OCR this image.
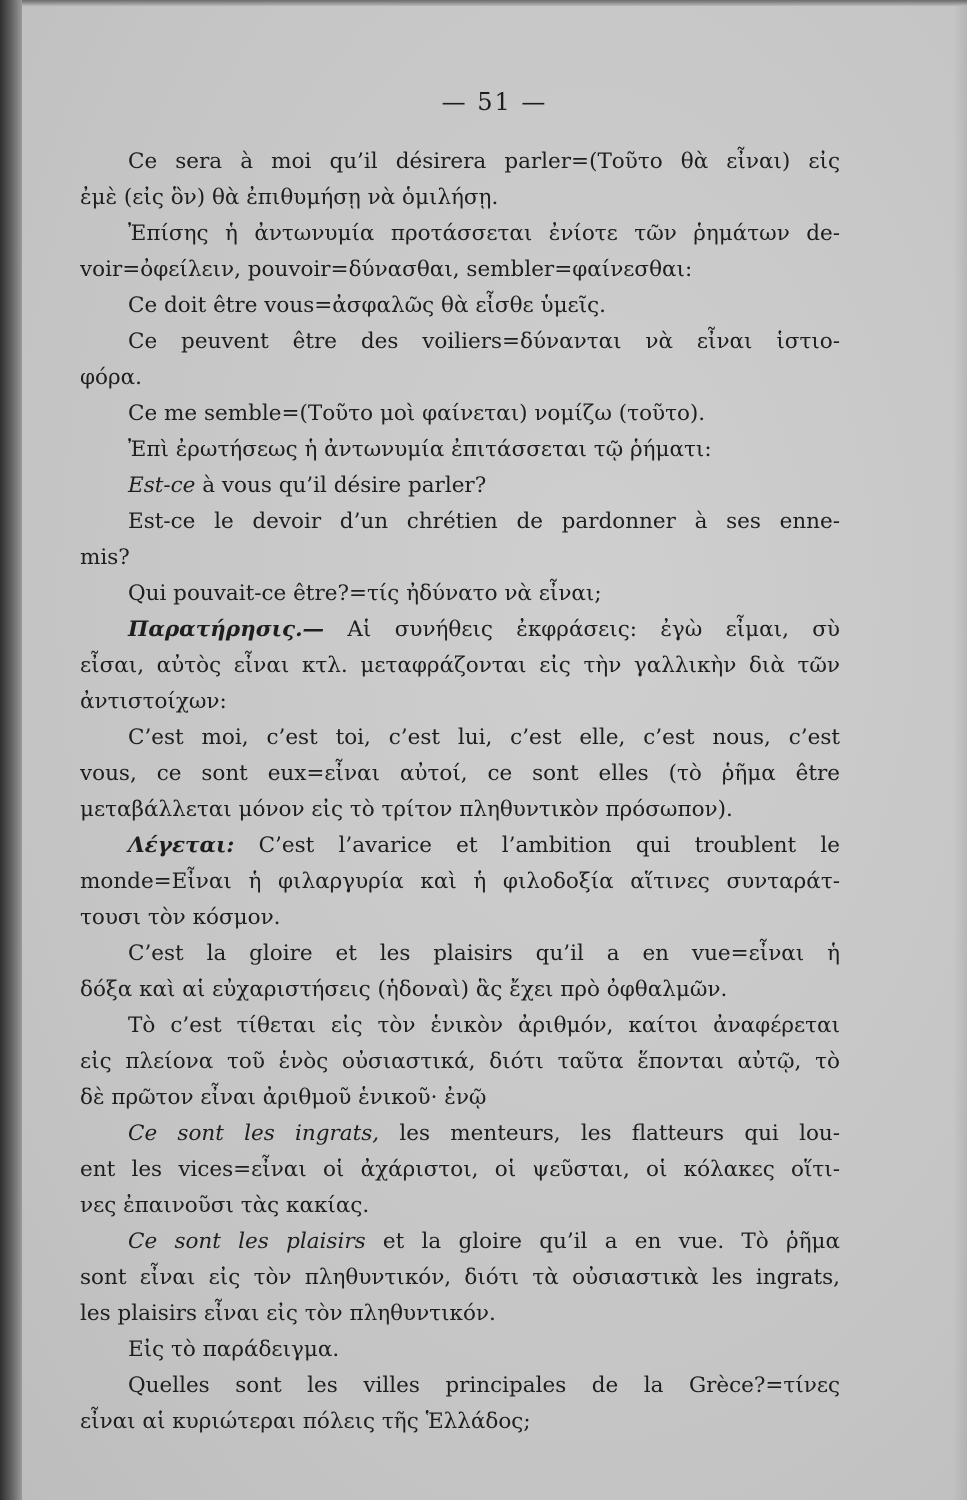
— 51 —
Ce sera à moi qu’il désirera parler=(Τοῦτο θὰ εἶναι) εἰς
ἐμὲ (εἰς ὃν) θὰ ἐπιθυμήσῃ νὰ ὁμιλήσῃ.
Ἐπίσης ἡ ἀντωνυμία προτάσσεται ἐνίοτε τῶν ῥημάτων de-
voir=ὀφείλειν, pouvoir=δύνασθαι, sembler=φαίνεσθαι:
Ce doit être vous=ἀσφαλῶς θὰ εἶσθε ὑμεῖς.
Ce peuvent être des voiliers=δύνανται νὰ εἶναι ἱστιο-
φόρα.
Ce me semble=(Τοῦτο μοὶ φαίνεται) νομίζω (τοῦτο).
Ἐπὶ ἐρωτήσεως ἡ ἀντωνυμία ἐπιτάσσεται τῷ ῥήματι:
Est-ce à vous qu’il désire parler?
Est-ce le devoir d’un chrétien de pardonner à ses enne-
mis?
Qui pouvait-ce être?=τίς ἠδύνατο νὰ εἶναι;
Παρατήρησις.— Αἱ συνήθεις ἐκφράσεις: ἐγὼ εἶμαι, σὺ
εἶσαι, αὐτὸς εἶναι κτλ. μεταφράζονται εἰς τὴν γαλλικὴν διὰ τῶν
ἀντιστοίχων:
C’est moi, c’est toi, c’est lui, c’est elle, c’est nous, c’est
vous, ce sont eux=εἶναι αὐτοί, ce sont elles (τὸ ῥῆμα être
μεταβάλλεται μόνον εἰς τὸ τρίτον πληθυντικὸν πρόσωπον).
Λέγεται: C’est l’avarice et l’ambition qui troublent le
monde=Εἶναι ἡ φιλαργυρία καὶ ἡ φιλοδοξία αἵτινες συνταράτ-
τουσι τὸν κόσμον.
C’est la gloire et les plaisirs qu’il a en vue=εἶναι ἡ
δόξα καὶ αἱ εὐχαριστήσεις (ἡδοναὶ) ἃς ἔχει πρὸ ὀφθαλμῶν.
Τὸ c’est τίθεται εἰς τὸν ἑνικὸν ἀριθμόν, καίτοι ἀναφέρεται
εἰς πλείονα τοῦ ἑνὸς οὐσιαστικά, διότι ταῦτα ἕπονται αὐτῷ, τὸ
δὲ πρῶτον εἶναι ἀριθμοῦ ἑνικοῦ· ἐνῷ
Ce sont les ingrats, les menteurs, les flatteurs qui lou-
ent les vices=εἶναι οἱ ἀχάριστοι, οἱ ψεῦσται, οἱ κόλακες οἵτι-
νες ἐπαινοῦσι τὰς κακίας.
Ce sont les plaisirs et la gloire qu’il a en vue. Τὸ ῥῆμα
sont εἶναι εἰς τὸν πληθυντικόν, διότι τὰ οὐσιαστικὰ les ingrats,
les plaisirs εἶναι εἰς τὸν πληθυντικόν.
Εἰς τὸ παράδειγμα.
Quelles sont les villes principales de la Grèce?=τίνες
εἶναι αἱ κυριώτεραι πόλεις τῆς Ἑλλάδος;
